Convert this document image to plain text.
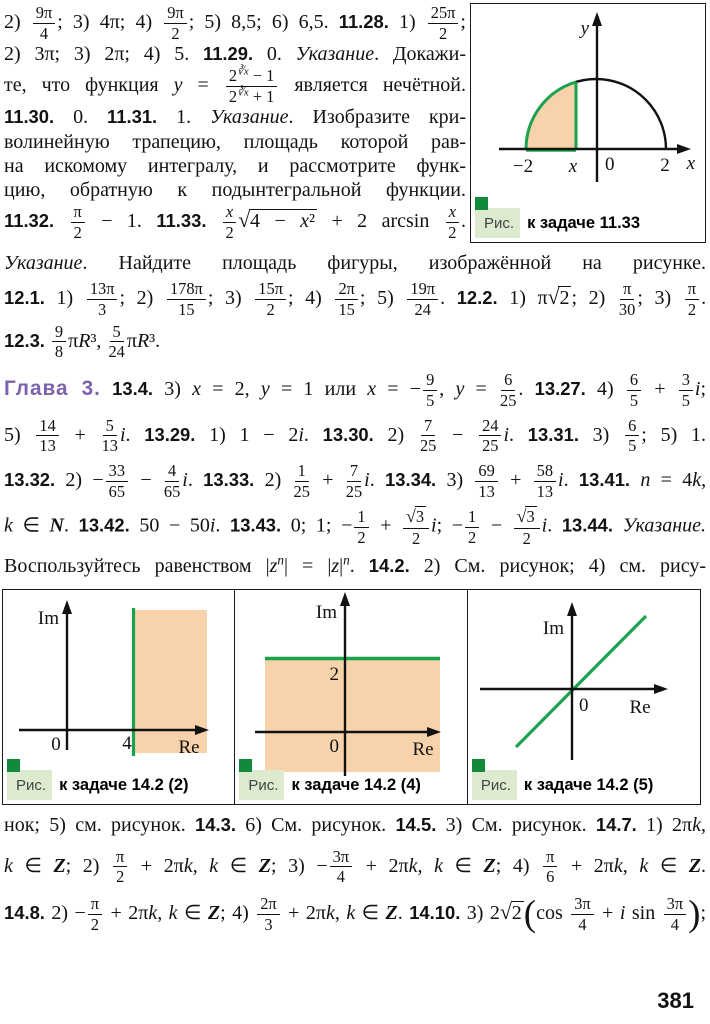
$2) \frac{9\pi}{4}$ ; 3) 4π; $4) \frac{9\pi}{2}$ ; 5) 8,5; 6) 6,5. 11.28. $1) \frac{25\pi}{2}$ ;
2) 3π; 3) 2π; 4) 5. 11.29. 0. Указание. Докажи-
те, что функция $y = \frac{2^{∛x} - 1}{2^{∛x} + 1}$ является нечётной.
11.30. 0. 11.31. 1. Указание. Изобразите кри-
волинейную трапецию, площадь которой рав-
на искомому интегралу, и рассмотрите функ-
цию, обратную к подынтегральной функции.
11.32. $\frac{\pi}{2} - 1$. 11.33. $\frac{x}{2} √4 - x^2 + 2$ $\arcsin \frac{x}{2}$ .
y
x
−2 x 0 2
Рис. к задаче 11.33
Указание. Найдите площадь фигуры, изображённой на рисунке.
12.1. $1) \frac{13\pi}{3}$ ; $2) \frac{178\pi}{15}$ ; $3) \frac{15\pi}{2}$ ; $4) \frac{2\pi}{15}$ ; $5) \frac{19\pi}{24}$ . 12.2. 1) π√2 ; $2) \frac{\pi}{30}$ ; $3) \frac{\pi}{2}$ .
12.3. $\frac{9}{8} \pi R^3$, $\frac{5}{24} \pi R^3$.
Глава 3. 13.4. 3) x = 2, y = 1 или x = − $\frac{9}{5}$ , $y = \frac{6}{25}$ . 13.27. $4) \frac{6}{5} + \frac{3}{5} i$;
$5) \frac{14}{13} + \frac{5}{13} i$. 13.29. 1) 1 − 2i. 13.30. $2) \frac{7}{25} - \frac{24}{25} i$. 13.31. $3) \frac{6}{5}$ ; 5) 1.
13.32. $2) - \frac{33}{65} - \frac{4}{65} i$. 13.33. $2) \frac{1}{25} + \frac{7}{25} i$. 13.34. $3) \frac{69}{13} + \frac{58}{13} i$. 13.41. n = 4k,
k ∈ N. 13.42. 50 − 50i. 13.43. 0; 1; − $\frac{1}{2} + \frac{√3}{2} i$; − $\frac{1}{2} - \frac{√3}{2} i$. 13.44. Указание.
Воспользуйтесь равенством $|z^n| = |z|^n$. 14.2. 2) См. рисунок; 4) см. рису-
Im
0	4 Re
Рис. к задаче 14.2 (2)
Im
2
0	Re
Рис. к задаче 14.2 (4)
Im
0 Re
Рис. к задаче 14.2 (5)
нок; 5) см. рисунок. 14.3. 6) См. рисунок. 14.5. 3) См. рисунок. 14.7. 1) 2πk,
k ∈ Z; $2) \frac{\pi}{2} + 2\pi k$, k ∈ Z; $3) - \frac{3\pi}{4} + 2\pi k$, k ∈ Z; $4) \frac{\pi}{6} + 2\pi k$, k ∈ Z.
14.8. $2) - \frac{\pi}{2} + 2\pi k$, k ∈ Z; $4) \frac{2\pi}{3} + 2\pi k$, k ∈ Z. 14.10. 3) $2√2(\cos \frac{3\pi}{4} + i$ $\sin \frac{3\pi}{4}$ );
381
